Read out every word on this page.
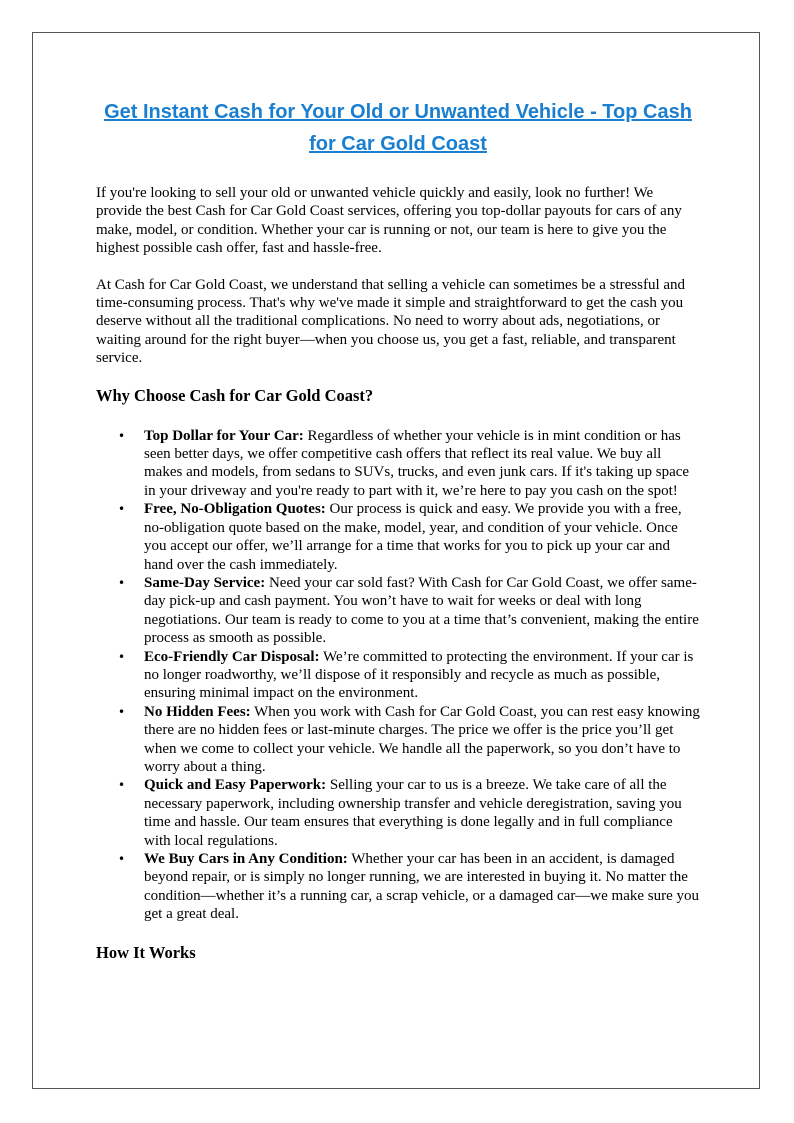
Get Instant Cash for Your Old or Unwanted Vehicle - Top Cash for Car Gold Coast

If you're looking to sell your old or unwanted vehicle quickly and easily, look no further! We provide the best Cash for Car Gold Coast services, offering you top-dollar payouts for cars of any make, model, or condition. Whether your car is running or not, our team is here to give you the highest possible cash offer, fast and hassle-free.

At Cash for Car Gold Coast, we understand that selling a vehicle can sometimes be a stressful and time-consuming process. That's why we've made it simple and straightforward to get the cash you deserve without all the traditional complications. No need to worry about ads, negotiations, or waiting around for the right buyer—when you choose us, you get a fast, reliable, and transparent service.

Why Choose Cash for Car Gold Coast?
• Top Dollar for Your Car: Regardless of whether your vehicle is in mint condition or has seen better days, we offer competitive cash offers that reflect its real value. We buy all makes and models, from sedans to SUVs, trucks, and even junk cars. If it's taking up space in your driveway and you're ready to part with it, we’re here to pay you cash on the spot!
• Free, No-Obligation Quotes: Our process is quick and easy. We provide you with a free, no-obligation quote based on the make, model, year, and condition of your vehicle. Once you accept our offer, we’ll arrange for a time that works for you to pick up your car and hand over the cash immediately.
• Same-Day Service: Need your car sold fast? With Cash for Car Gold Coast, we offer same-day pick-up and cash payment. You won’t have to wait for weeks or deal with long negotiations. Our team is ready to come to you at a time that’s convenient, making the entire process as smooth as possible.
• Eco-Friendly Car Disposal: We’re committed to protecting the environment. If your car is no longer roadworthy, we’ll dispose of it responsibly and recycle as much as possible, ensuring minimal impact on the environment.
• No Hidden Fees: When you work with Cash for Car Gold Coast, you can rest easy knowing there are no hidden fees or last-minute charges. The price we offer is the price you’ll get when we come to collect your vehicle. We handle all the paperwork, so you don’t have to worry about a thing.
• Quick and Easy Paperwork: Selling your car to us is a breeze. We take care of all the necessary paperwork, including ownership transfer and vehicle deregistration, saving you time and hassle. Our team ensures that everything is done legally and in full compliance with local regulations.
• We Buy Cars in Any Condition: Whether your car has been in an accident, is damaged beyond repair, or is simply no longer running, we are interested in buying it. No matter the condition—whether it’s a running car, a scrap vehicle, or a damaged car—we make sure you get a great deal.
How It Works
